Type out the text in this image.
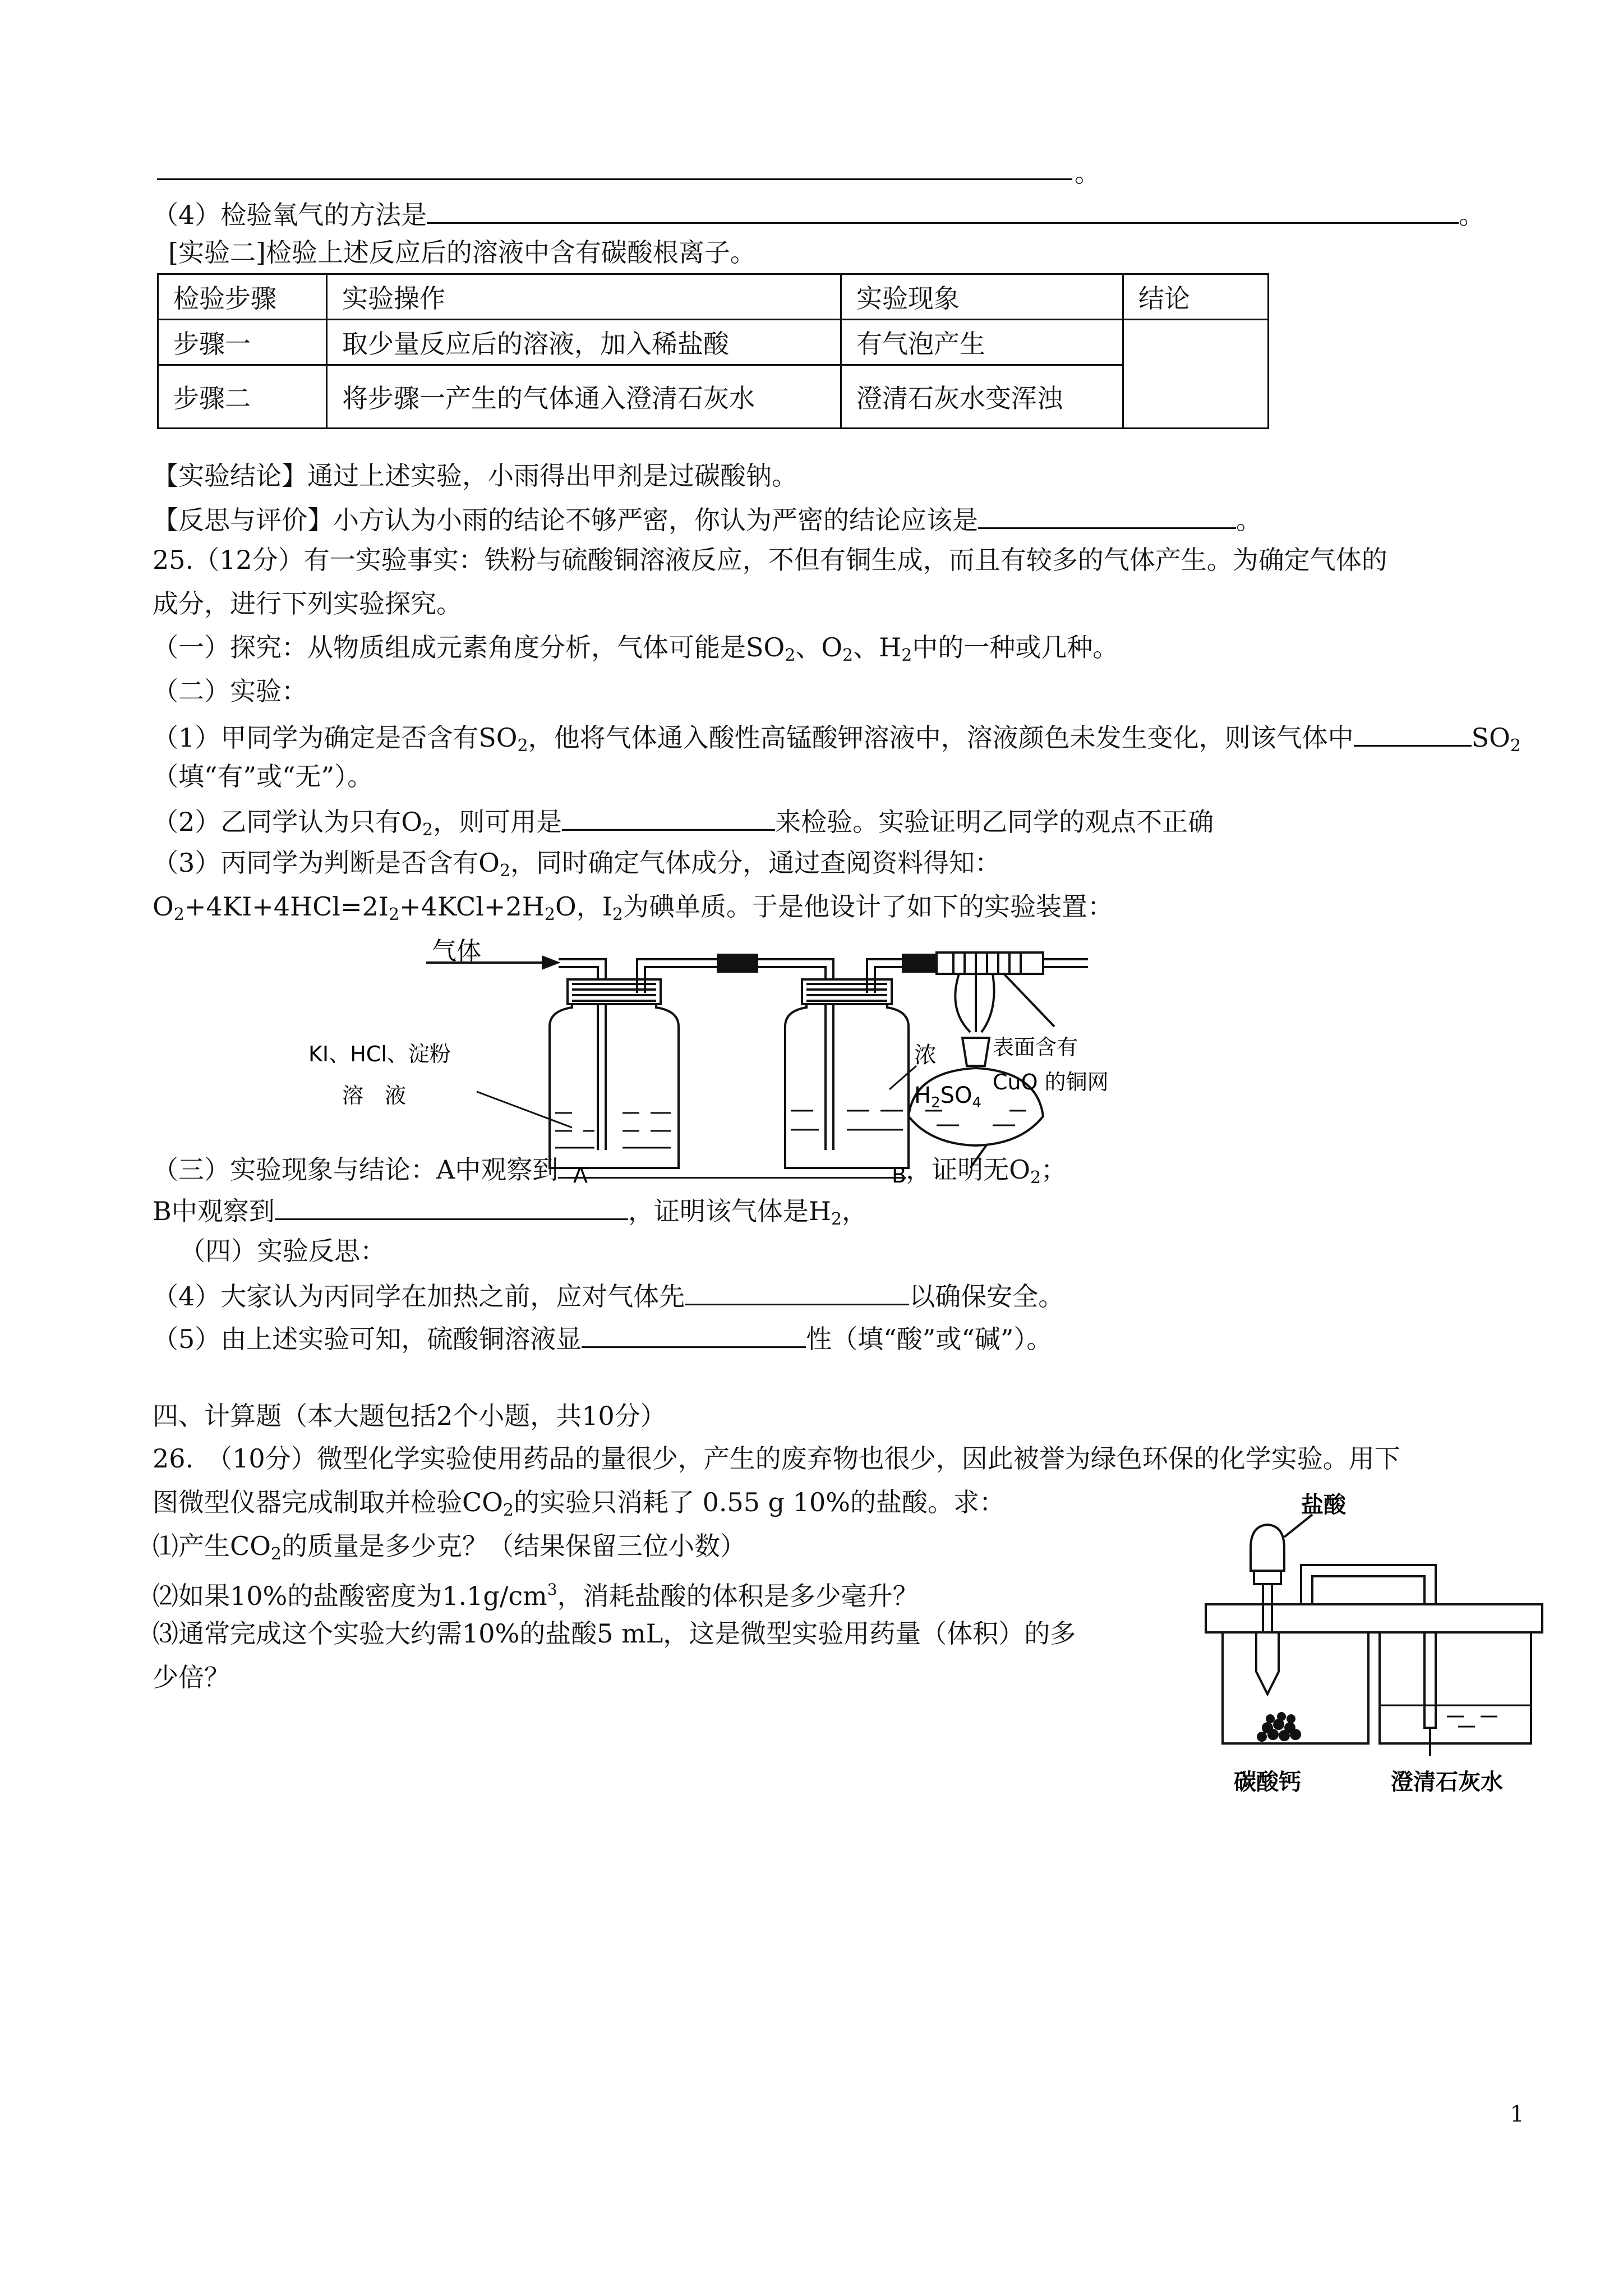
。
（4）检验氧气的方法是	。
[实验二]检验上述反应后的溶液中含有碳酸根离子。
检验步骤	实验操作	实验现象	结论
步骤一	取少量反应后的溶液，加入稀盐酸	有气泡产生	
步骤二	将步骤一产生的气体通入澄清石灰水	澄清石灰水变浑浊	
【实验结论】通过上述实验，小雨得出甲剂是过碳酸钠。
【反思与评价】小方认为小雨的结论不够严密，你认为严密的结论应该是	。
25.（12分）有一实验事实：铁粉与硫酸铜溶液反应，不但有铜生成，而且有较多的气体产生。为确定气体的
成分，进行下列实验探究。
（一）探究：从物质组成元素角度分析，气体可能是$SO_2$、$O_2$、$H_2$中的一种或几种。
（二）实验：
（1）甲同学为确定是否含有$SO_2$，他将气体通入酸性高锰酸钾溶液中，溶液颜色未发生变化，则该气体中	$SO_2$
（填“有”或“无”）。
（2）乙同学认为只有$O_2$，则可用是	来检验。实验证明乙同学的观点不正确
（3）丙同学为判断是否含有$O_2$，同时确定气体成分，通过查阅资料得知：
$O_2+4KI+4HCl=2I_2+4KCl+2H_2O$，$I_2$为碘单质。于是他设计了如下的实验装置：
气体
KI、HCl、淀粉
溶　液
浓
$H_2SO_4$
表面含有
CuO 的铜网
A	B
（三）实验现象与结论：A中观察到	，证明无$O_2$；
B中观察到	，证明该气体是$H_2$，
（四）实验反思：
（4）大家认为丙同学在加热之前，应对气体先	以确保安全。
（5）由上述实验可知，硫酸铜溶液显	性（填“酸”或“碱”）。
四、计算题（本大题包括2个小题，共10分）
26.　（10分）微型化学实验使用药品的量很少，产生的废弃物也很少，因此被誉为绿色环保的化学实验。用下
图微型仪器完成制取并检验$CO_2$的实验只消耗了 0.55 g 10%的盐酸。求：
⑴产生$CO_2$的质量是多少克？（结果保留三位小数）
⑵如果10%的盐酸密度为$1.1g/cm^3$，消耗盐酸的体积是多少毫升？
⑶通常完成这个实验大约需10%的盐酸5 mL，这是微型实验用药量（体积）的多
少倍？
盐酸
碳酸钙	澄清石灰水
1
